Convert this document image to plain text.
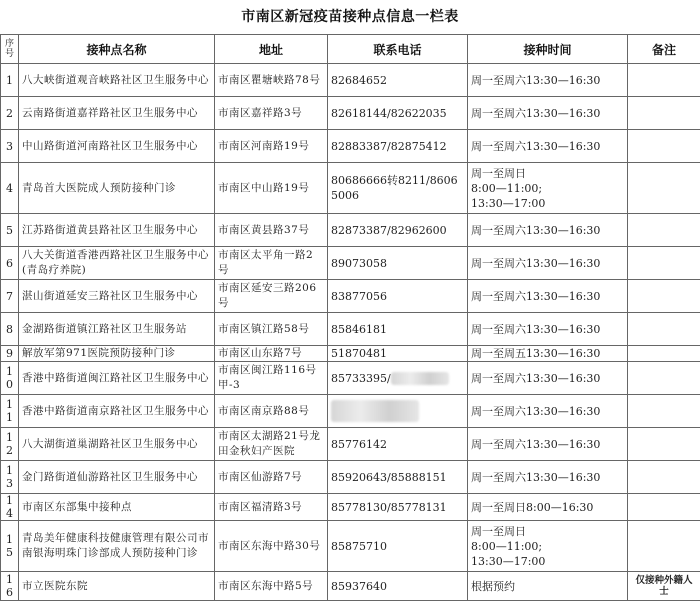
市南区新冠疫苗接种点信息一栏表
序号	接种点名称	地址	联系电话	接种时间	备注
1	八大峡街道观音峡路社区卫生服务中心	市南区瞿塘峡路78号	82684652	周一至周六13:30—16:30	
2	云南路街道嘉祥路社区卫生服务中心	市南区嘉祥路3号	82618144/82622035	周一至周六13:30—16:30	
3	中山路街道河南路社区卫生服务中心	市南区河南路19号	82883387/82875412	周一至周六13:30—16:30	
4	青岛首大医院成人预防接种门诊	市南区中山路19号	80686666转8211/86065006	周一至周日
8:00—11:00;
13:30—17:00	
5	江苏路街道黄县路社区卫生服务中心	市南区黄县路37号	82873387/82962600	周一至周六13:30—16:30	
6	八大关街道香港西路社区卫生服务中心(青岛疗养院)	市南区太平角一路2号	89073058	周一至周六13:30—16:30	
7	湛山街道延安三路社区卫生服务中心	市南区延安三路206号	83877056	周一至周六13:30—16:30	
8	金湖路街道镇江路社区卫生服务站	市南区镇江路58号	85846181	周一至周六13:30—16:30	
9	解放军第971医院预防接种门诊	市南区山东路7号	51870481	周一至周五13:30—16:30	
10	香港中路街道闽江路社区卫生服务中心	市南区闽江路116号甲-3	85733395/	周一至周六13:30—16:30	
11	香港中路街道南京路社区卫生服务中心	市南区南京路88号		周一至周六13:30—16:30	
12	八大湖街道巢湖路社区卫生服务中心	市南区太湖路21号龙田金秋妇产医院	85776142	周一至周六13:30—16:30	
13	金门路街道仙游路社区卫生服务中心	市南区仙游路7号	85920643/85888151	周一至周六13:30—16:30	
14	市南区东部集中接种点	市南区福清路3号	85778130/85778131	周一至周日8:00—16:30	
15	青岛美年健康科技健康管理有限公司市南银海明珠门诊部成人预防接种门诊	市南区东海中路30号	85875710	周一至周日
8:00—11:00;
13:30—17:00	
16	市立医院东院	市南区东海中路5号	85937640	根据预约	仅接种外籍人士
